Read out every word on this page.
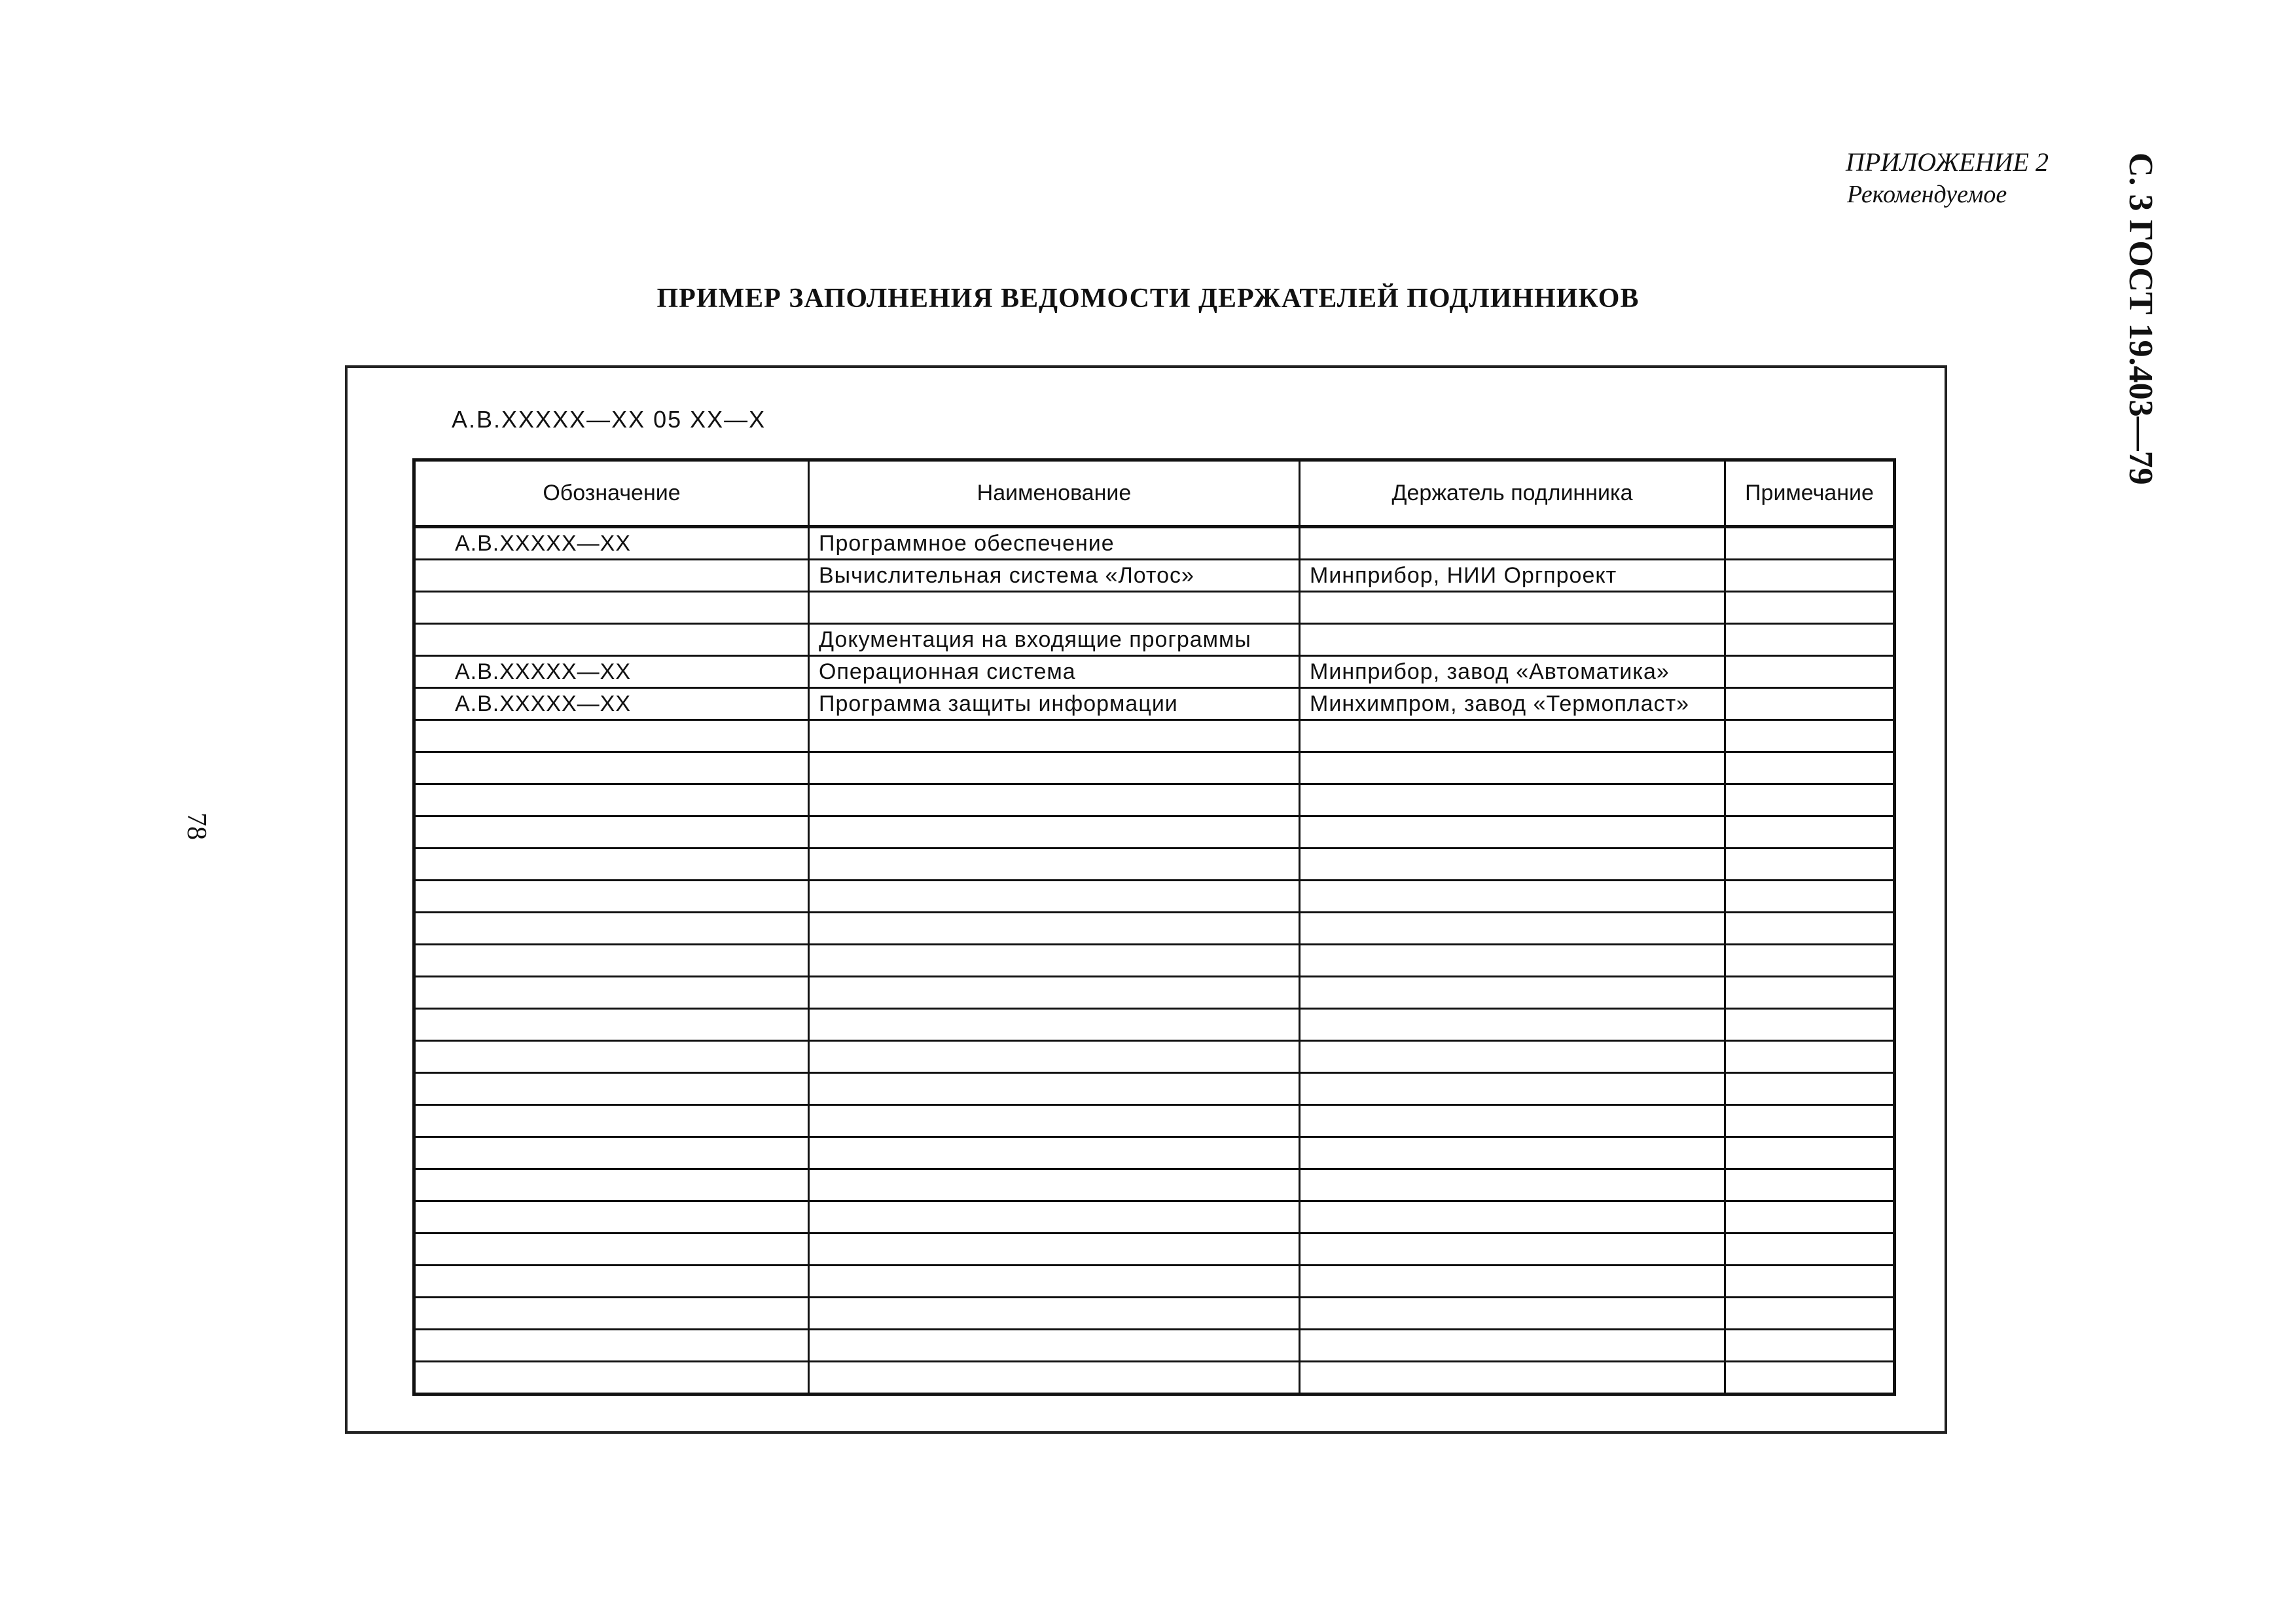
ПРИЛОЖЕНИЕ 2
Рекомендуемое	С. 3 ГОСТ 19.403—79
78
ПРИМЕР ЗАПОЛНЕНИЯ ВЕДОМОСТИ ДЕРЖАТЕЛЕЙ ПОДЛИННИКОВ
А.В.ХХХХХ—ХХ 05 ХХ—Х
Обозначение	Наименование	Держатель подлинника	Примечание
А.В.ХХХХХ—ХХ	Программное обеспечение		
	Вычислительная система «Лотос»	Минприбор, НИИ Оргпроект	

	Документация на входящие программы		
А.В.ХХХХХ—ХХ	Операционная система	Минприбор, завод «Автоматика»	
А.В.ХХХХХ—ХХ	Программа защиты информации	Минхимпром, завод «Термопласт»	
